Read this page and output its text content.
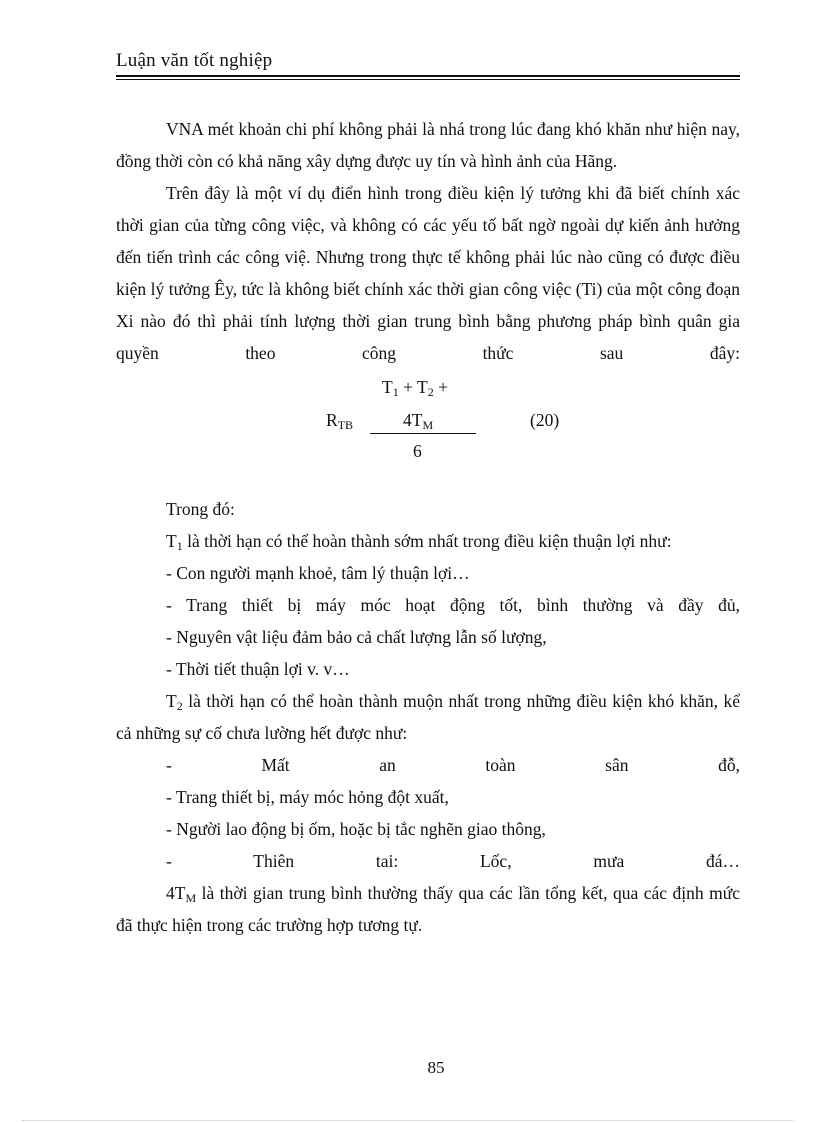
Luận văn tốt nghiệp

VNA mét khoản chi phí không phải là nhá trong lúc đang khó khăn như hiện nay, đồng thời còn có khả năng xây dựng được uy tín và hình ảnh của Hãng.

Trên đây là một ví dụ điển hình trong điều kiện lý tưởng khi đã biết chính xác thời gian của từng công việc, và không có các yếu tố bất ngờ ngoài dự kiến ảnh hưởng đến tiến trình các công việ. Nhưng trong thực tế không phải lúc nào cũng có được điều kiện lý tưởng Êy, tức là không biết chính xác thời gian công việc (Ti) của một công đoạn Xi nào đó thì phải tính lượng thời gian trung bình bằng phương pháp bình quân gia quyền theo công thức sau đây:

$T_1 + T_2$ +
$R_{TB}$	$4T_M$	(20)
6

Trong đó:

$T_1$ là thời hạn có thể hoàn thành sớm nhất trong điều kiện thuận lợi như:

- Con người mạnh khoẻ, tâm lý thuận lợi…

- Trang thiết bị máy móc hoạt động tốt, bình thường và đầy đủ,

- Nguyên vật liệu đảm bảo cả chất lượng lẫn số lượng,

- Thời tiết thuận lợi v. v…

$T_2$ là thời hạn có thể hoàn thành muộn nhất trong những điều kiện khó khăn, kể cả những sự cố chưa lường hết được như:

- Mất an toàn sân đỗ,

- Trang thiết bị, máy móc hỏng đột xuất,

- Người lao động bị ốm, hoặc bị tắc nghẽn giao thông,

- Thiên tai: Lốc, mưa đá…

$4T_M$ là thời gian trung bình thường thấy qua các lần tổng kết, qua các định mức đã thực hiện trong các trường hợp tương tự.

85
